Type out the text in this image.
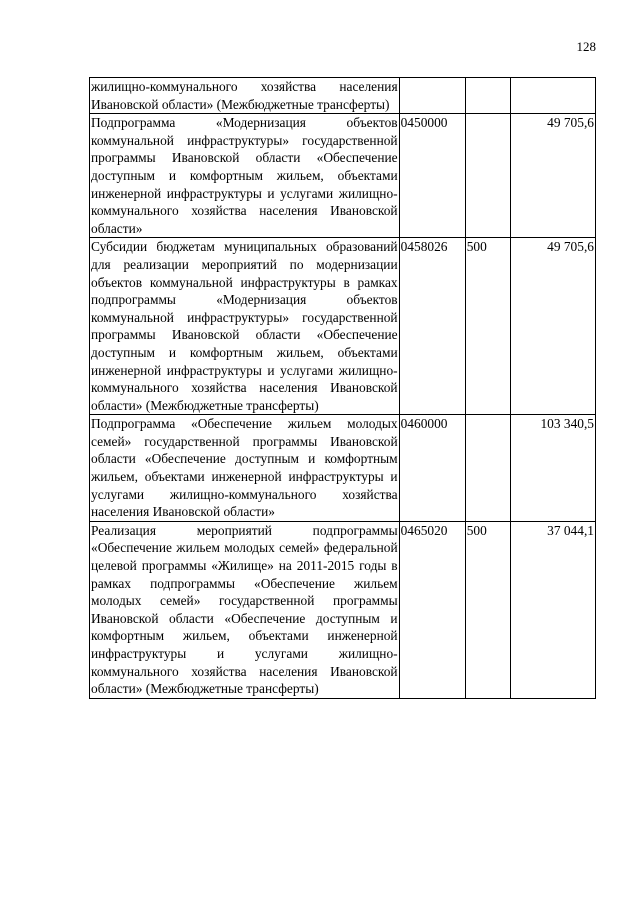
128
жилищно-коммунального хозяйства населения Ивановской области» (Межбюджетные трансферты)			
Подпрограмма «Модернизация объектов коммунальной инфраструктуры» государственной программы Ивановской области «Обеспечение доступным и комфортным жильем, объектами инженерной инфраструктуры и услугами жилищно-коммунального хозяйства населения Ивановской области»	0450000		49 705,6
Субсидии бюджетам муниципальных образований для реализации мероприятий по модернизации объектов коммунальной инфраструктуры в рамках подпрограммы «Модернизация объектов коммунальной инфраструктуры» государственной программы Ивановской области «Обеспечение доступным и комфортным жильем, объектами инженерной инфраструктуры и услугами жилищно-коммунального хозяйства населения Ивановской области» (Межбюджетные трансферты)	0458026	500	49 705,6
Подпрограмма «Обеспечение жильем молодых семей» государственной программы Ивановской области «Обеспечение доступным и комфортным жильем, объектами инженерной инфраструктуры и услугами жилищно-коммунального хозяйства населения Ивановской области»	0460000		103 340,5
Реализация мероприятий подпрограммы «Обеспечение жильем молодых семей» федеральной целевой программы «Жилище» на 2011-2015 годы в рамках подпрограммы «Обеспечение жильем молодых семей» государственной программы Ивановской области «Обеспечение доступным и комфортным жильем, объектами инженерной инфраструктуры и услугами жилищно-коммунального хозяйства населения Ивановской области» (Межбюджетные трансферты)	0465020	500	37 044,1
